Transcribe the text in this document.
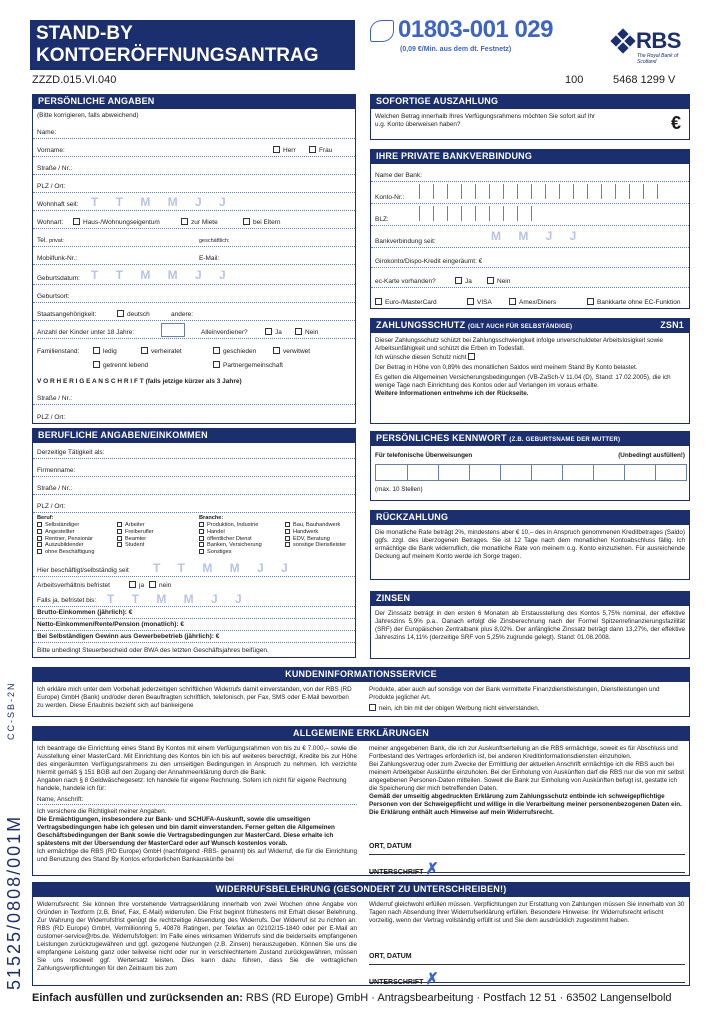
STAND-BY
KONTOERÖFFNUNGSANTRAG
01803-001 029
(0,09 €/Min. aus dem dt. Festnetz)	RBS
The Royal Bank of Scotland
ZZZD.015.VI.040	100	5468 1299 V
PERSÖNLICHE ANGABEN
(Bitte korrigieren, falls abweichend)
Name:
Vorname:	Herr	Frau
Straße / Nr.:
PLZ / Ort:
Wohnhaft seit: T T M M J J
Wohnart:	Haus-/Wohnungseigentum	zur Miete	bei Eltern
Tel. privat:	geschäftlich:
Mobilfunk-Nr.:	E-Mail:
Geburtsdatum: T T M M J J
Geburtsort:
Staatsangehörigkeit:	deutsch	andere:
Anzahl der Kinder unter 18 Jahre:	Alleinverdiener?	Ja	Nein
Familienstand:	ledig	verheiratet	geschieden	verwitwet
getrennt lebend	Partnergemeinschaft
V O R H E R I G E A N S C H R I F T (falls jetzige kürzer als 3 Jahre)
Straße / Nr.:
PLZ / Ort:
BERUFLICHE ANGABEN/EINKOMMEN
Derzeitige Tätigkeit als:
Firmenname:
Straße / Nr.:
PLZ / Ort:
Beruf:
Selbständiger
Angestellter
Rentner, Pensionär
Auszubildender
ohne Beschäftigung
Arbeiter
Freiberufler
Beamter
Student
Branche:
Produktion, Industrie
Handel
öffentlicher Dienst
Banken, Versicherung
Sonstiges
Bau, Bauhandwerk
Handwerk
EDV, Beratung
sonstige Dienstleister
Hier beschäftigt/selbständig seit T T M M J J
Arbeitsverhältnis befristet	ja	nein
Falls ja, befristet bis: T T M M J J
Brutto-Einkommen (jährlich): €
Netto-Einkommen/Rente/Pension (monatlich): €
Bei Selbständigen Gewinn aus Gewerbebetrieb (jährlich): €
Bitte unbedingt Steuerbescheid oder BWA des letzten Geschäftsjahres beifügen.
SOFORTIGE AUSZAHLUNG
Welchen Betrag innerhalb Ihres Verfügungsrahmens möchten Sie sofort auf Ihr u.g. Konto überweisen haben?	€
IHRE PRIVATE BANKVERBINDUNG
Name der Bank:
Konto-Nr.:
BLZ:
Bankverbindung seit:	M M J J
Girokonto/Dispo-Kredit eingeräumt: €
ec-Karte vorhanden?	Ja	Nein
Euro-/MasterCard	VISA	Amex/Diners	Bankkarte ohne EC-Funktion
ZAHLUNGSSCHUTZ (GILT AUCH FÜR SELBSTÄNDIGE)	ZSN1
Dieser Zahlungsschutz schützt bei Zahlungsschwierigkeit infolge unverschuldeter Arbeitslosigkeit sowie Arbeitsunfähigkeit und schützt die Erben im Todesfall.
Ich wünsche diesen Schutz nicht
Der Betrag in Höhe von 0,89% des monatlichen Saldos wird meinem Stand By Konto belastet.
Es gelten die Allgemeinen Versicherungsbedingungen (VB-ZaSch-V 11.04 (D), Stand: 17.02.2005), die ich wenige Tage nach Einrichtung des Kontos oder auf Verlangen im voraus erhalte.
Weitere Informationen entnehme ich der Rückseite.
PERSÖNLICHES KENNWORT (Z.B. GEBURTSNAME DER MUTTER)
Für telefonische Überweisungen	(Unbedingt ausfüllen!)
(max. 10 Stellen)
RÜCKZAHLUNG
Die monatliche Rate beträgt 2%, mindestens aber € 10,– des in Anspruch genommenen Kreditbetrages (Saldo) ggfs. zzgl. des überzogenen Betrages. Sie ist 12 Tage nach dem monatlichen Kontoabschluss fällig. Ich ermächtige die Bank widerruflich, die monatliche Rate von meinem o.g. Konto einzuziehen. Für ausreichende Deckung auf meinem Konto werde ich Sorge tragen.
ZINSEN
Der Zinssatz beträgt in den ersten 6 Monaten ab Erstausstellung des Kontos 5,75% nominal, der effektive Jahreszins 5,9% p.a.. Danach erfolgt die Zinsberechnung nach der Formel Spitzenrefinanzierungsfazilität (SRF) der Europäischen Zentralbank plus 8,02%. Der anfängliche Zinssatz beträgt dann 13,27%, der effektive Jahreszins 14,11% (derzeitige SRF von 5,25% zugrunde gelegt). Stand: 01.08.2008.
KUNDENINFORMATIONSSERVICE
Ich erkläre mich unter dem Vorbehalt jederzeitigen schriftlichen Widerrufs damit einverstanden, von der RBS (RD Europe) GmbH (Bank) und/oder deren Beauftragten schriftlich, telefonisch, per Fax, SMS oder E-Mail beworben zu werden. Diese Erlaubnis bezieht sich auf bankeigene
Produkte, aber auch auf sonstige von der Bank vermittelte Finanzdienstleistungen, Dienstleistungen und Produkte jeglicher Art.
nein, ich bin mit der obigen Werbung nicht einverstanden.
ALLGEMEINE ERKLÄRUNGEN
Ich beantrage die Einrichtung eines Stand By Kontos mit einem Verfügungsrahmen von bis zu € 7.000,– sowie die Ausstellung einer MasterCard. Mit Einrichtung des Kontos bin ich bis auf weiteres berechtigt, Kredite bis zur Höhe des eingeräumten Verfügungsrahmens zu den umseitigen Bedingungen in Anspruch zu nehmen. Ich verzichte hiermit gemäß § 151 BGB auf den Zugang der Annahmeerklärung durch die Bank.
Angaben nach § 8 Geldwäschegesetz: Ich handele für eigene Rechnung. Sofern ich nicht für eigene Rechnung handele, handele ich für:
Name, Anschrift:
Ich versichere die Richtigkeit meiner Angaben.
Die Ermächtigungen, insbesondere zur Bank- und SCHUFA-Auskunft, sowie die umseitigen Vertragsbedingungen habe ich gelesen und bin damit einverstanden. Ferner gelten die Allgemeinen Geschäftsbedingungen der Bank sowie die Vertragsbedingungen zur MasterCard. Diese erhalte ich spätestens mit der Übersendung der MasterCard oder auf Wunsch kostenlos vorab.
Ich ermächtige die RBS (RD Europe) GmbH (nachfolgend -RBS- genannt) bis auf Widerruf, die für die Einrichtung und Benutzung des Stand By Kontos erforderlichen Bankauskünfte bei
meiner angegebenen Bank, die ich zur Auskunftserteilung an die RBS ermächtige, soweit es für Abschluss und Fortbestand des Vertrages erforderlich ist, bei anderen Kreditinformationsdiensten einzuholen.
Bei Zahlungsverzug oder zum Zwecke der Ermittlung der aktuellen Anschrift ermächtige ich die RBS auch bei meinem Arbeitgeber Auskünfte einzuholen. Bei der Einholung von Auskünften darf die RBS nur die von mir selbst angegebenen Personen-Daten mitteilen. Soweit die Bank zur Einholung von Auskünften befugt ist, gestatte ich die Speicherung der mich betreffenden Daten.
Gemäß der umseitig abgedruckten Erklärung zum Zahlungsschutz entbinde ich schweigepflichtige Personen von der Schweigepflicht und willige in die Verarbeitung meiner personenbezogenen Daten ein. Die Erklärung enthält auch Hinweise auf mein Widerrufsrecht.
ORT, DATUM
UNTERSCHRIFT ✗
WIDERRUFSBELEHRUNG (GESONDERT ZU UNTERSCHREIBEN!)
Widerrufsrecht: Sie können Ihre vorstehende Vertragserklärung innerhalb von zwei Wochen ohne Angabe von Gründen in Textform (z.B. Brief, Fax, E-Mail) widerrufen. Die Frist beginnt frühestens mit Erhalt dieser Belehrung. Zur Wahrung der Widerrufsfrist genügt die rechtzeitige Absendung des Widerrufs. Der Widerruf ist zu richten an: RBS (RD Europe) GmbH, Vermillionring 5, 40878 Ratingen, per Telefax an 02102/15-1840 oder per E-Mail an customer-service@rbs.de. Widerrufsfolgen: Im Falle eines wirksamen Widerrufs sind die beiderseits empfangenen Leistungen zurückzugewähren und ggf. gezogene Nutzungen (z.B. Zinsen) herauszugeben. Können Sie uns die empfangene Leistung ganz oder teilweise nicht oder nur in verschlechtertem Zustand zurückgewähren, müssen Sie uns insoweit ggf. Wertersatz leisten. Dies kann dazu führen, dass Sie die vertraglichen Zahlungsverpflichtungen für den Zeitraum bis zum
Widerruf gleichwohl erfüllen müssen. Verpflichtungen zur Erstattung von Zahlungen müssen Sie innerhalb von 30 Tagen nach Absendung Ihrer Widerrufserklärung erfüllen. Besondere Hinweise: Ihr Widerrufsrecht erlischt vorzeitig, wenn der Vertrag vollständig erfüllt ist und Sie dem ausdrücklich zugestimmt haben.
ORT, DATUM
UNTERSCHRIFT ✗
Einfach ausfüllen und zurücksenden an: RBS (RD Europe) GmbH · Antragsbearbeitung · Postfach 12 51 · 63502 Langenselbold
CC-SB-2N
51525/0808/001M
